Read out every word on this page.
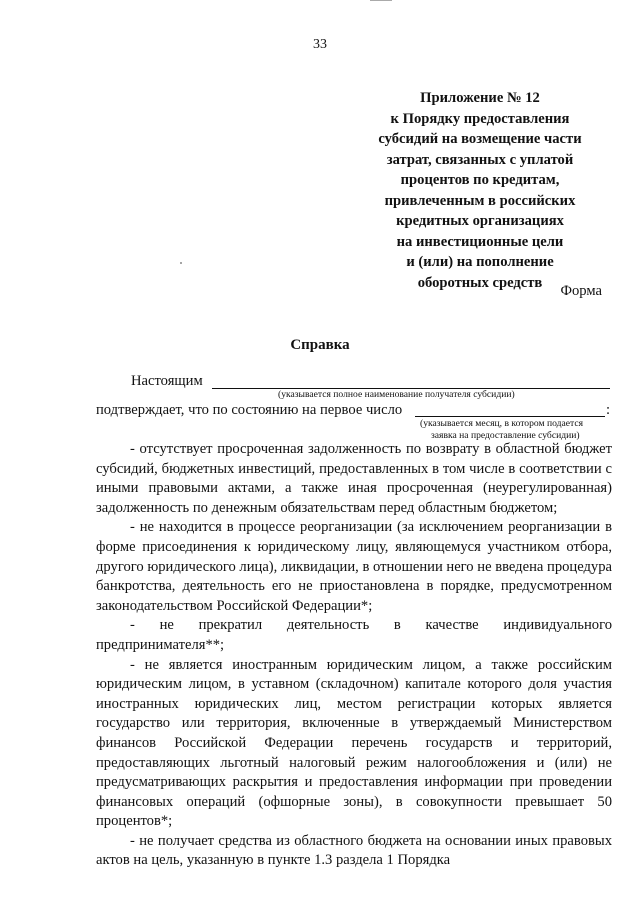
33
Приложение № 12
к Порядку предоставления
субсидий на возмещение части
затрат, связанных с уплатой
процентов по кредитам,
привлеченным в российских
кредитных организациях
на инвестиционные цели
и (или) на пополнение
оборотных средств
Форма
Справка
Настоящим
(указывается полное наименование получателя субсидии)
подтверждает, что по состоянию на первое число	:
(указывается месяц, в котором подается
заявка на предоставление субсидии)

- отсутствует просроченная задолженность по возврату в областной бюджет субсидий, бюджетных инвестиций, предоставленных в том числе в соответствии с иными правовыми актами, а также иная просроченная (неурегулированная) задолженность по денежным обязательствам перед областным бюджетом;

- не находится в процессе реорганизации (за исключением реорганизации в форме присоединения к юридическому лицу, являющемуся участником отбора, другого юридического лица), ликвидации, в отношении него не введена процедура банкротства, деятельность его не приостановлена в порядке, предусмотренном законодательством Российской Федерации*;

- не прекратил деятельность в качестве индивидуального предпринимателя**;

- не является иностранным юридическим лицом, а также российским юридическим лицом, в уставном (складочном) капитале которого доля участия иностранных юридических лиц, местом регистрации которых является государство или территория, включенные в утверждаемый Министерством финансов Российской Федерации перечень государств и территорий, предоставляющих льготный налоговый режим налогообложения и (или) не предусматривающих раскрытия и предоставления информации при проведении финансовых операций (офшорные зоны), в совокупности превышает 50 процентов*;

- не получает средства из областного бюджета на основании иных правовых актов на цель, указанную в пункте 1.3 раздела 1 Порядка
